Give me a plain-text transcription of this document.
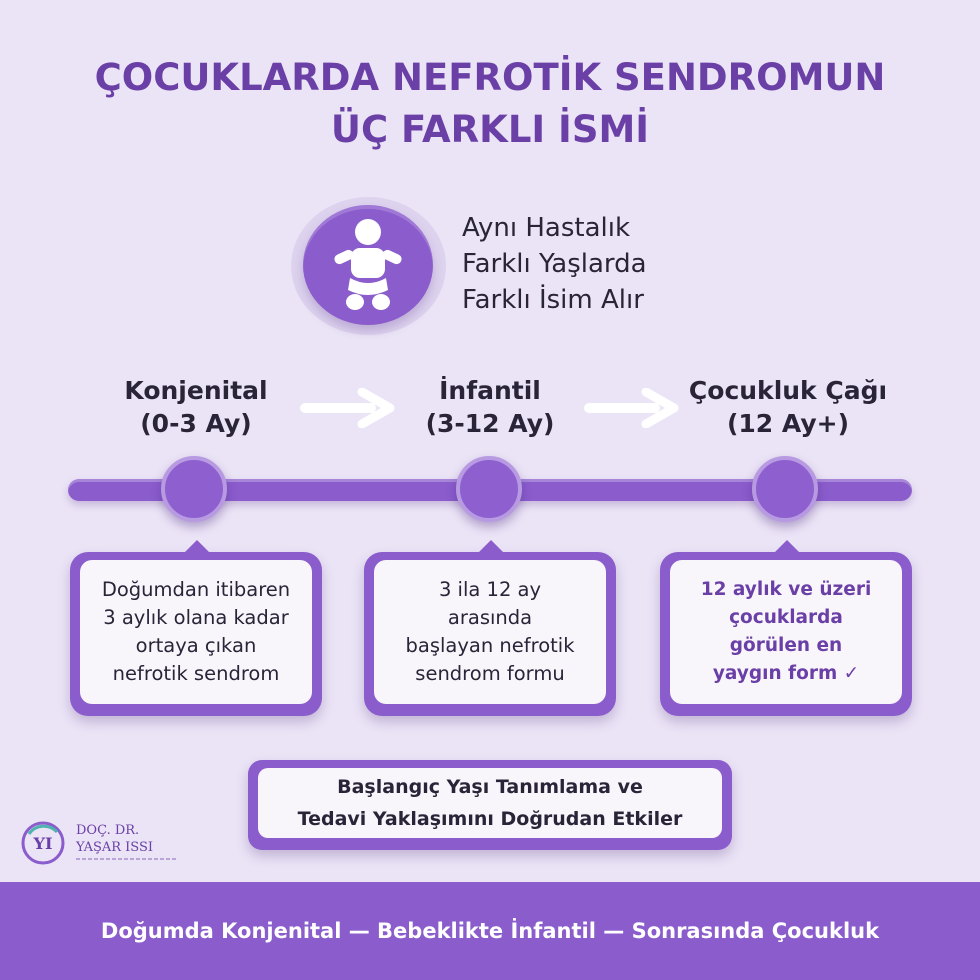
ÇOCUKLARDA NEFROTİK SENDROMUN
ÜÇ FARKLI İSMİ
Aynı Hastalık
Farklı Yaşlarda
Farklı İsim Alır
Konjenital
(0-3 Ay)
İnfantil
(3-12 Ay)
Çocukluk Çağı
(12 Ay+)
Doğumdan itibaren
3 aylık olana kadar
ortaya çıkan
nefrotik sendrom
3 ila 12 ay
arasında
başlayan nefrotik
sendrom formu
12 aylık ve üzeri
çocuklarda
görülen en
yaygın form ✓
Başlangıç Yaşı Tanımlama ve
Tedavi Yaklaşımını Doğrudan Etkiler
YI
DOÇ. DR.
YAŞAR ISSI
Doğumda Konjenital — Bebeklikte İnfantil — Sonrasında Çocukluk
